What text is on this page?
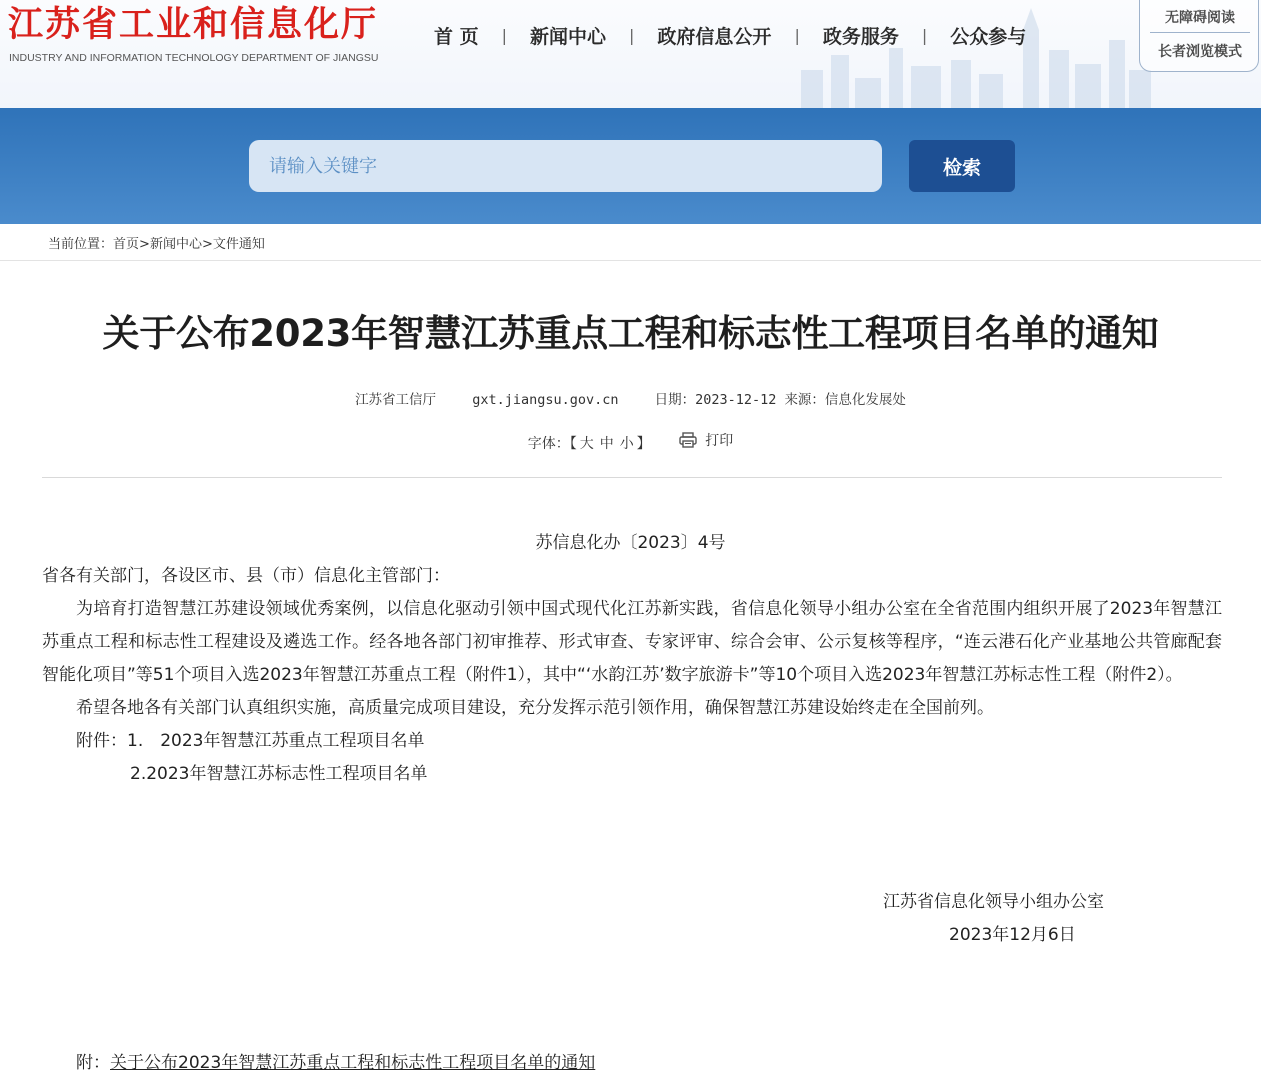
江苏省工业和信息化厅
INDUSTRY AND INFORMATION TECHNOLOGY DEPARTMENT OF JIANGSU
首 页	|	新闻中心	|	政府信息公开	|	政务服务	|	公众参与
无障碍阅读
长者浏览模式
请输入关键字
检索
当前位置：首页>新闻中心>文件通知
关于公布2023年智慧江苏重点工程和标志性工程项目名单的通知
江苏省工信厅	gxt.jiangsu.gov.cn	日期：2023-12-12 来源：信息化发展处
字体：【 大 中 小 】	打印
苏信息化办〔2023〕4号

省各有关部门，各设区市、县（市）信息化主管部门：

为培育打造智慧江苏建设领域优秀案例，以信息化驱动引领中国式现代化江苏新实践，省信息化领导小组办公室在全省范围内组织开展了2023年智慧江苏重点工程和标志性工程建设及遴选工作。经各地各部门初审推荐、形式审查、专家评审、综合会审、公示复核等程序，“连云港石化产业基地公共管廊配套智能化项目”等51个项目入选2023年智慧江苏重点工程（附件1），其中“‘水韵江苏’数字旅游卡”等10个项目入选2023年智慧江苏标志性工程（附件2）。

希望各地各有关部门认真组织实施，高质量完成项目建设，充分发挥示范引领作用，确保智慧江苏建设始终走在全国前列。

附件：1.　2023年智慧江苏重点工程项目名单

2.2023年智慧江苏标志性工程项目名单

江苏省信息化领导小组办公室
2023年12月6日
附：关于公布2023年智慧江苏重点工程和标志性工程项目名单的通知
